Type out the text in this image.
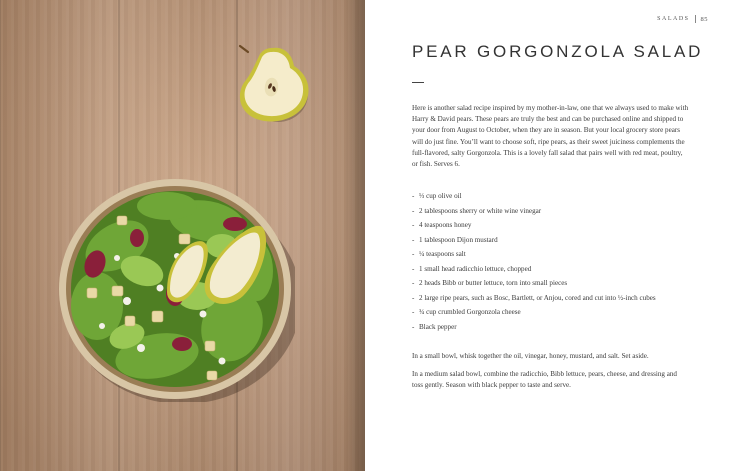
SALADS 85
PEAR GORGONZOLA SALAD

Here is another salad recipe inspired by my mother-in-law, one that we always used to make with Harry & David pears. These pears are truly the best and can be purchased online and shipped to your door from August to October, when they are in season. But your local grocery store pears will do just fine. You’ll want to choose soft, ripe pears, as their sweet juiciness complements the full-flavored, salty Gorgonzola. This is a lovely fall salad that pairs well with red meat, poultry, or fish. Serves 6.

- ⅓ cup olive oil
- 2 tablespoons sherry or white wine vinegar
- 4 teaspoons honey
- 1 tablespoon Dijon mustard
- ¼ teaspoons salt
- 1 small head radicchio lettuce, chopped
- 2 heads Bibb or butter lettuce, torn into small pieces
- 2 large ripe pears, such as Bosc, Bartlett, or Anjou, cored and cut into ½-inch cubes
- ¾ cup crumbled Gorgonzola cheese
- Black pepper

In a small bowl, whisk together the oil, vinegar, honey, mustard, and salt. Set aside.

In a medium salad bowl, combine the radicchio, Bibb lettuce, pears, cheese, and dressing and toss gently. Season with black pepper to taste and serve.
